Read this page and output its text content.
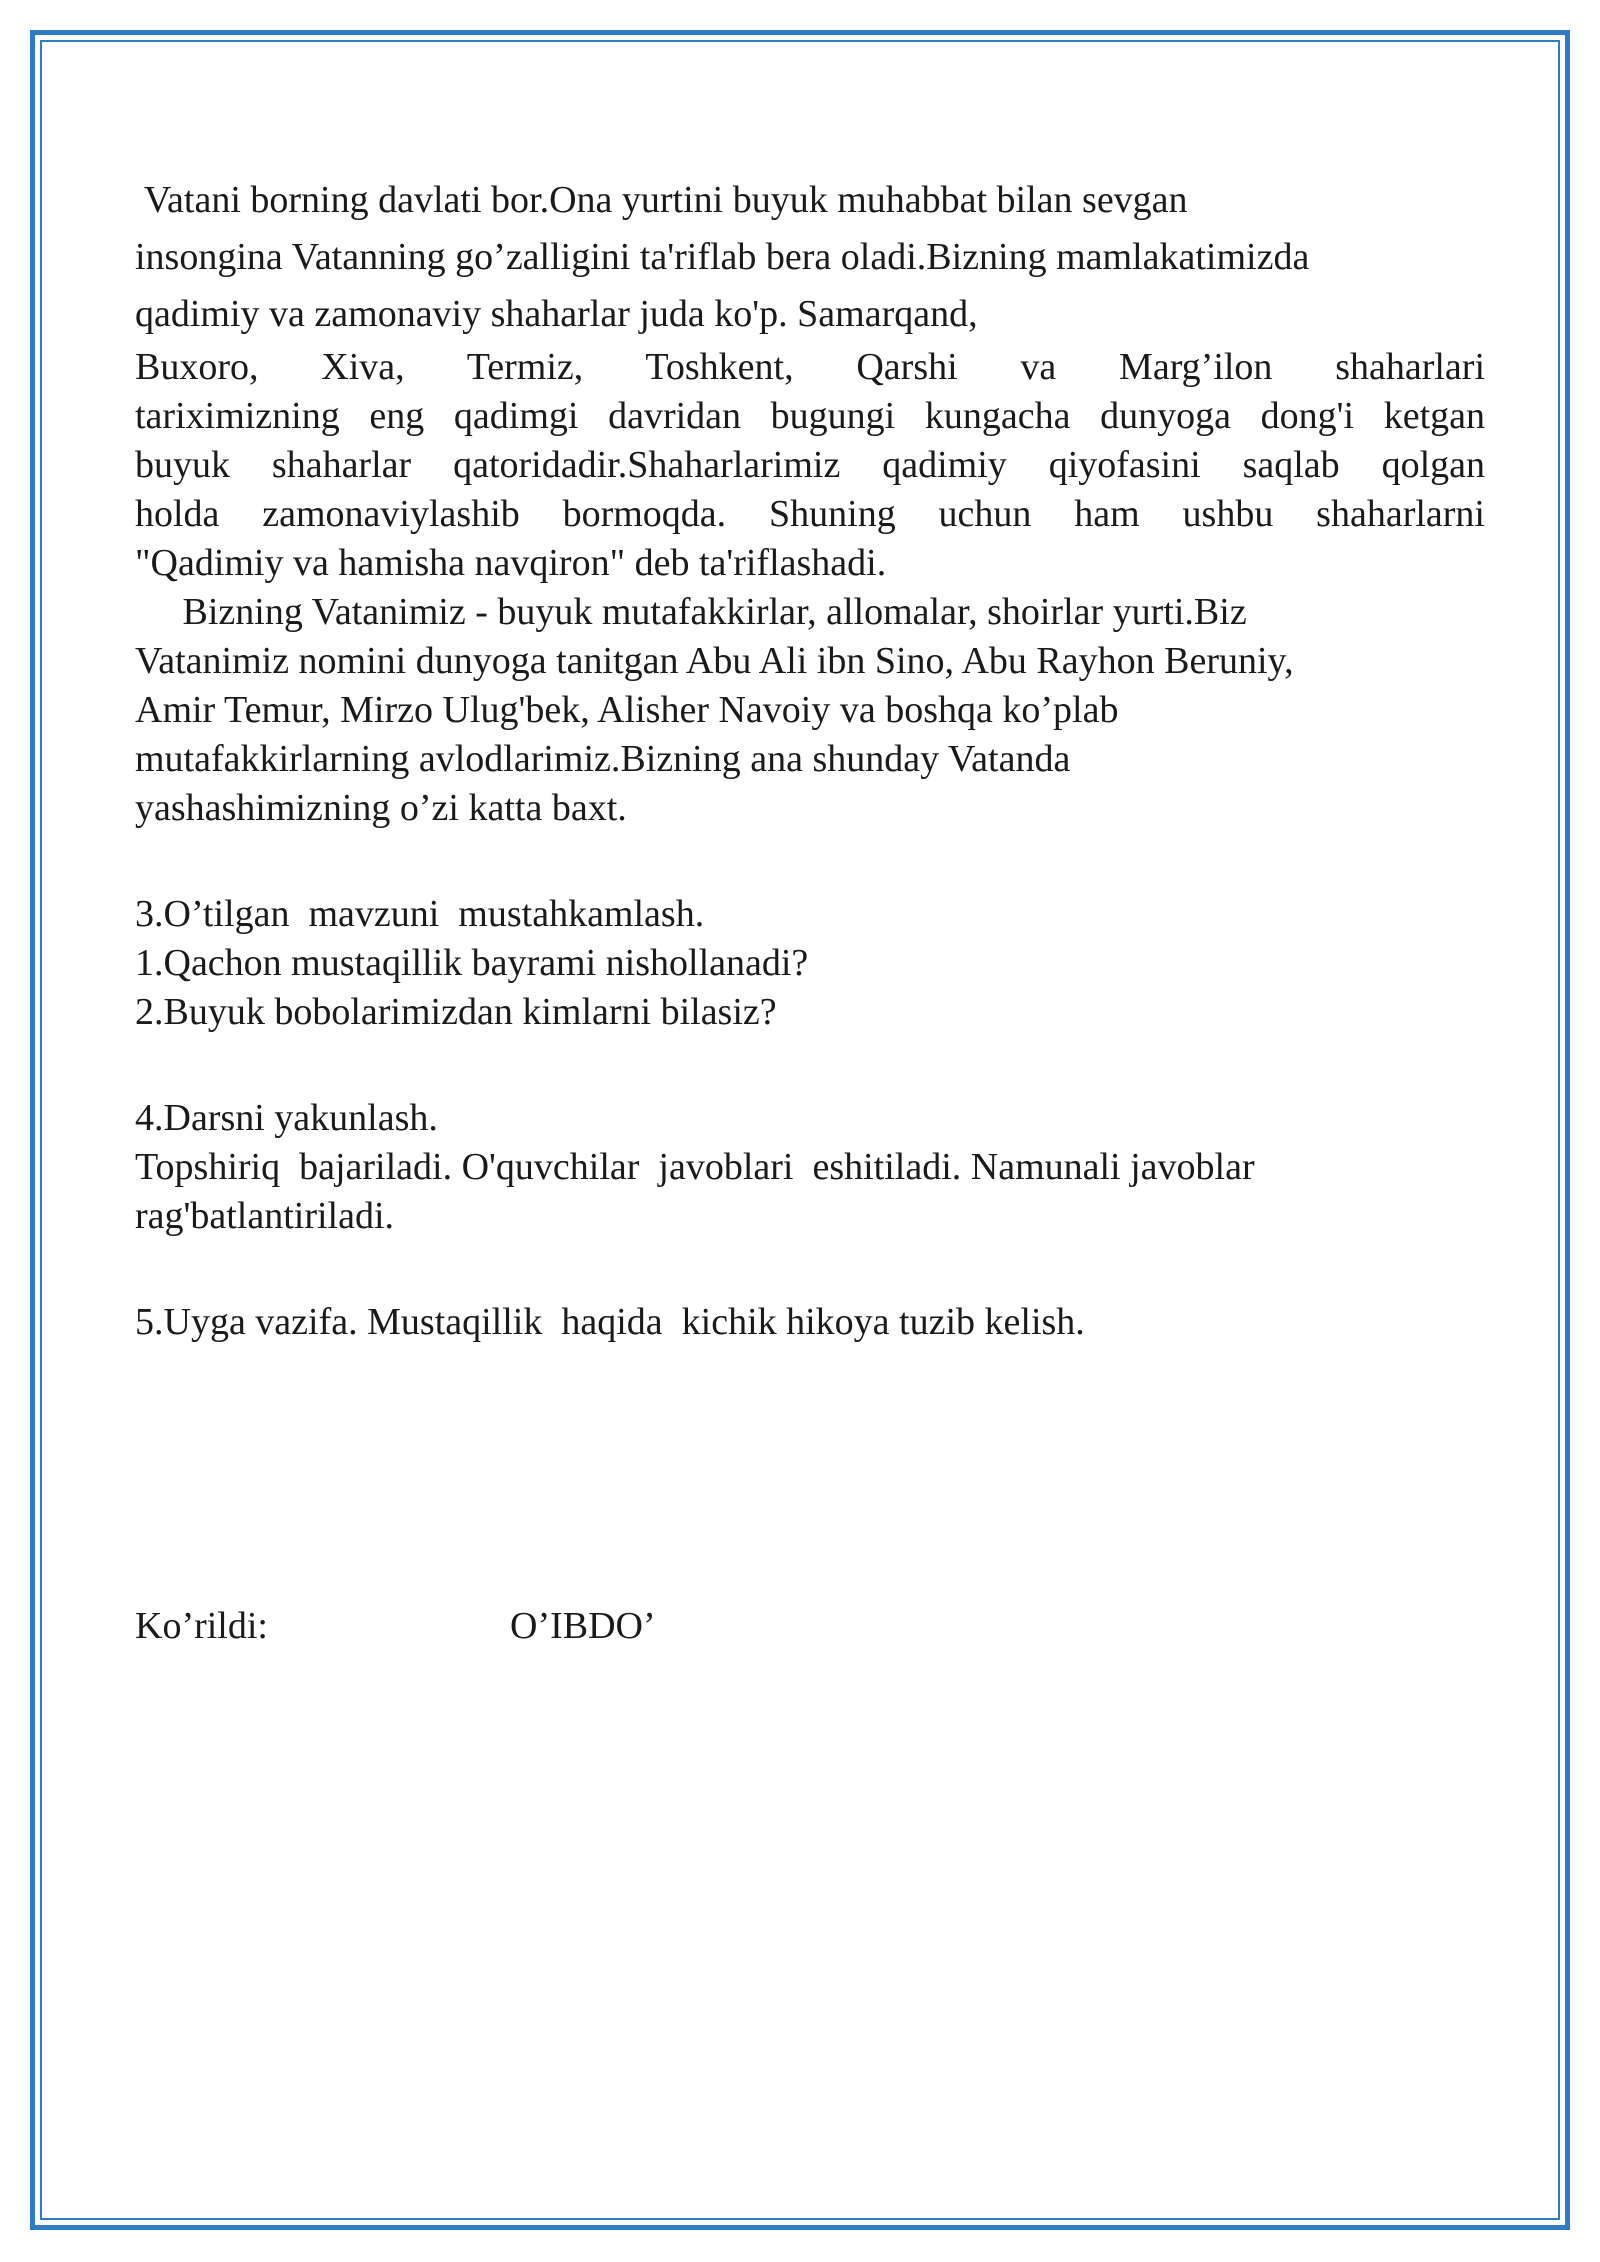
Vatani borning davlati bor.Ona yurtini buyuk muhabbat bilan sevgan

insongina Vatanning go’zalligini ta'riflab bera oladi.Bizning mamlakatimizda

qadimiy va zamonaviy shaharlar juda ko'p. Samarqand,

Buxoro, Xiva, Termiz, Toshkent, Qarshi va Marg’ilon shaharlari

tariximizning eng qadimgi davridan bugungi kungacha dunyoga dong'i ketgan

buyuk shaharlar qatoridadir.Shaharlarimiz qadimiy qiyofasini saqlab qolgan

holda zamonaviylashib bormoqda. Shuning uchun ham ushbu shaharlarni

"Qadimiy va hamisha navqiron" deb ta'riflashadi.

Bizning Vatanimiz - buyuk mutafakkirlar, allomalar, shoirlar yurti.Biz

Vatanimiz nomini dunyoga tanitgan Abu Ali ibn Sino, Abu Rayhon Beruniy,

Amir Temur, Mirzo Ulug'bek, Alisher Navoiy va boshqa ko’plab

mutafakkirlarning avlodlarimiz.Bizning ana shunday Vatanda

yashashimizning o’zi katta baxt.

3.O’tilgan  mavzuni  mustahkamlash.

1.Qachon mustaqillik bayrami nishollanadi?

2.Buyuk bobolarimizdan kimlarni bilasiz?

4.Darsni yakunlash.

Topshiriq  bajariladi. O'quvchilar  javoblari  eshitiladi. Namunali javoblar

rag'batlantiriladi.

5.Uyga vazifa. Mustaqillik  haqida  kichik hikoya tuzib kelish.

Ko’rildi:	O’IBDO’
